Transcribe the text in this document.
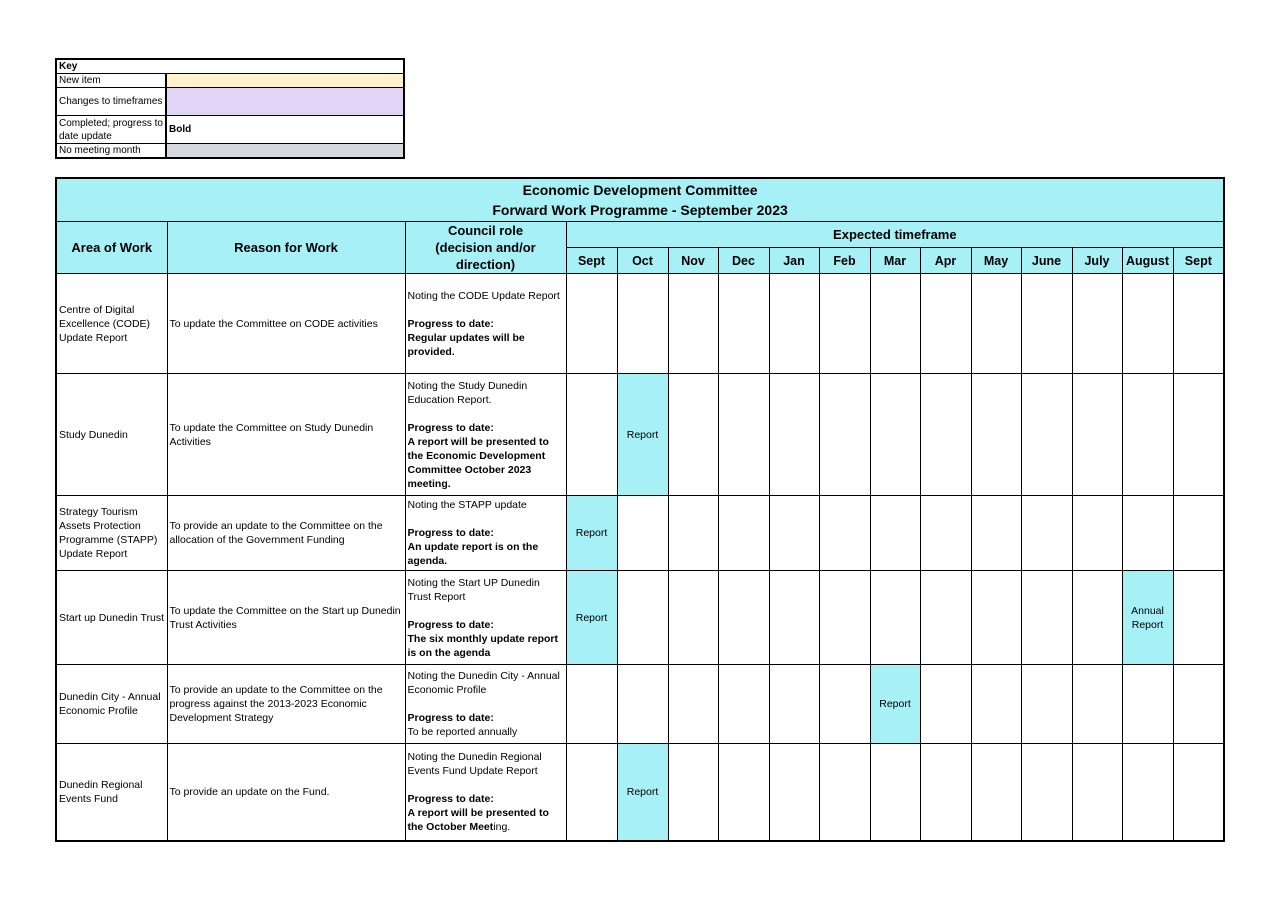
Key	
New item	
Changes to timeframes	
Completed; progress to date update	Bold
No meeting month	
Economic Development Committee
Forward Work Programme - September 2023															

Area of Work	Reason for Work	Council role
(decision and/or direction)	Expected timeframe												
			Sept	Oct	Nov	Dec	Jan	Feb	Mar	Apr	May	June	July	August	Sept
Centre of Digital Excellence (CODE) Update Report	To update the Committee on CODE activities	Noting the CODE Update Report
Progress to date:
Regular updates will be provided.													

Study Dunedin	To update the Committee on Study Dunedin Activities	Noting the Study Dunedin Education Report.
Progress to date:
A report will be presented to the Economic Development Committee October 2023 meeting.		Report											
Strategy Tourism Assets Protection Programme (STAPP) Update Report	To provide an update to the Committee on the allocation of the Government Funding	Noting the STAPP update
Progress to date:
An update report is on the agenda.	Report												
Start up Dunedin Trust	To update the Committee on the Start up Dunedin Trust Activities	Noting the Start UP Dunedin Trust Report
Progress to date:
The six monthly update report is on the agenda	Report											Annual Report	
Dunedin City - Annual Economic Profile	To provide an update to the Committee on the progress against the 2013-2023 Economic Development Strategy	Noting the Dunedin City - Annual Economic Profile
Progress to date:
To be reported annually							Report						
Dunedin Regional Events Fund	To provide an update on the Fund.	Noting the Dunedin Regional Events Fund Update Report
Progress to date:
A report will be presented to the October Meeting.		Report											
